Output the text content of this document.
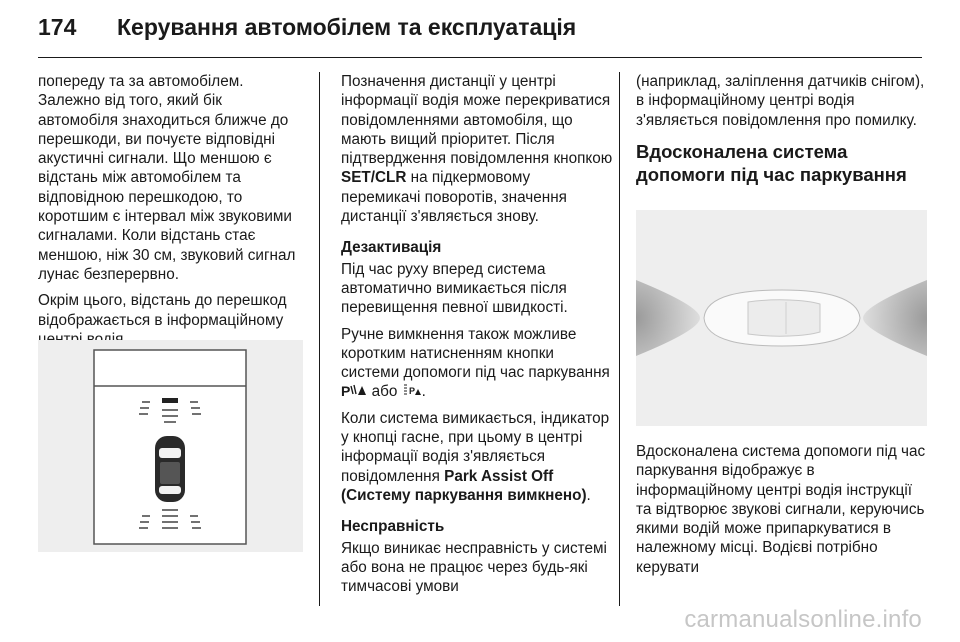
174 Керування автомобілем та експлуатація

попереду та за автомобілем. Залежно від того, який бік автомобіля знаходиться ближче до перешкоди, ви почуєте відповідні акустичні сигнали. Що меншою є відстань між автомобілем та відповідною перешкодою, то коротшим є інтервал між звуковими сигналами. Коли відстань стає меншою, ніж 30 см, звуковий сигнал лунає безперервно.

Окрім цього, відстань до перешкод відображається в інформаційному

Позначення дистанції у центрі інформації водія може перекриватися повідомленнями автомобіля, що мають вищий пріоритет. Після підтвердження повідомлення кнопкою SET/CLR на підкермовому перемикачі поворотів, значення дистанції з'являється знову.

Дезактивація

Під час руху вперед система автоматично вимикається після перевищення певної швидкості.

Ручне вимкнення також можливе коротким натисненням кнопки системи допомоги під час паркування P або P .

Коли система вимикається, індикатор у кнопці гасне, при цьому в центрі інформації водія з'являється повідомлення Park Assist Off (Систему паркування вимкнено).

Несправність

Якщо виникає несправність у системі або вона не працює через будь-які тимчасові умови

(наприклад, заліплення датчиків снігом), в інформаційному центрі водія з'являється повідомлення про помилку.

Вдосконалена система допомоги під час паркування

Вдосконалена система допомоги під час паркування відображує в інформаційному центрі водія інструкції та відтворює звукові сигнали, керуючись якими водій може припаркуватися в належному місці. Водієві потрібно керувати

carmanualsonline.info
